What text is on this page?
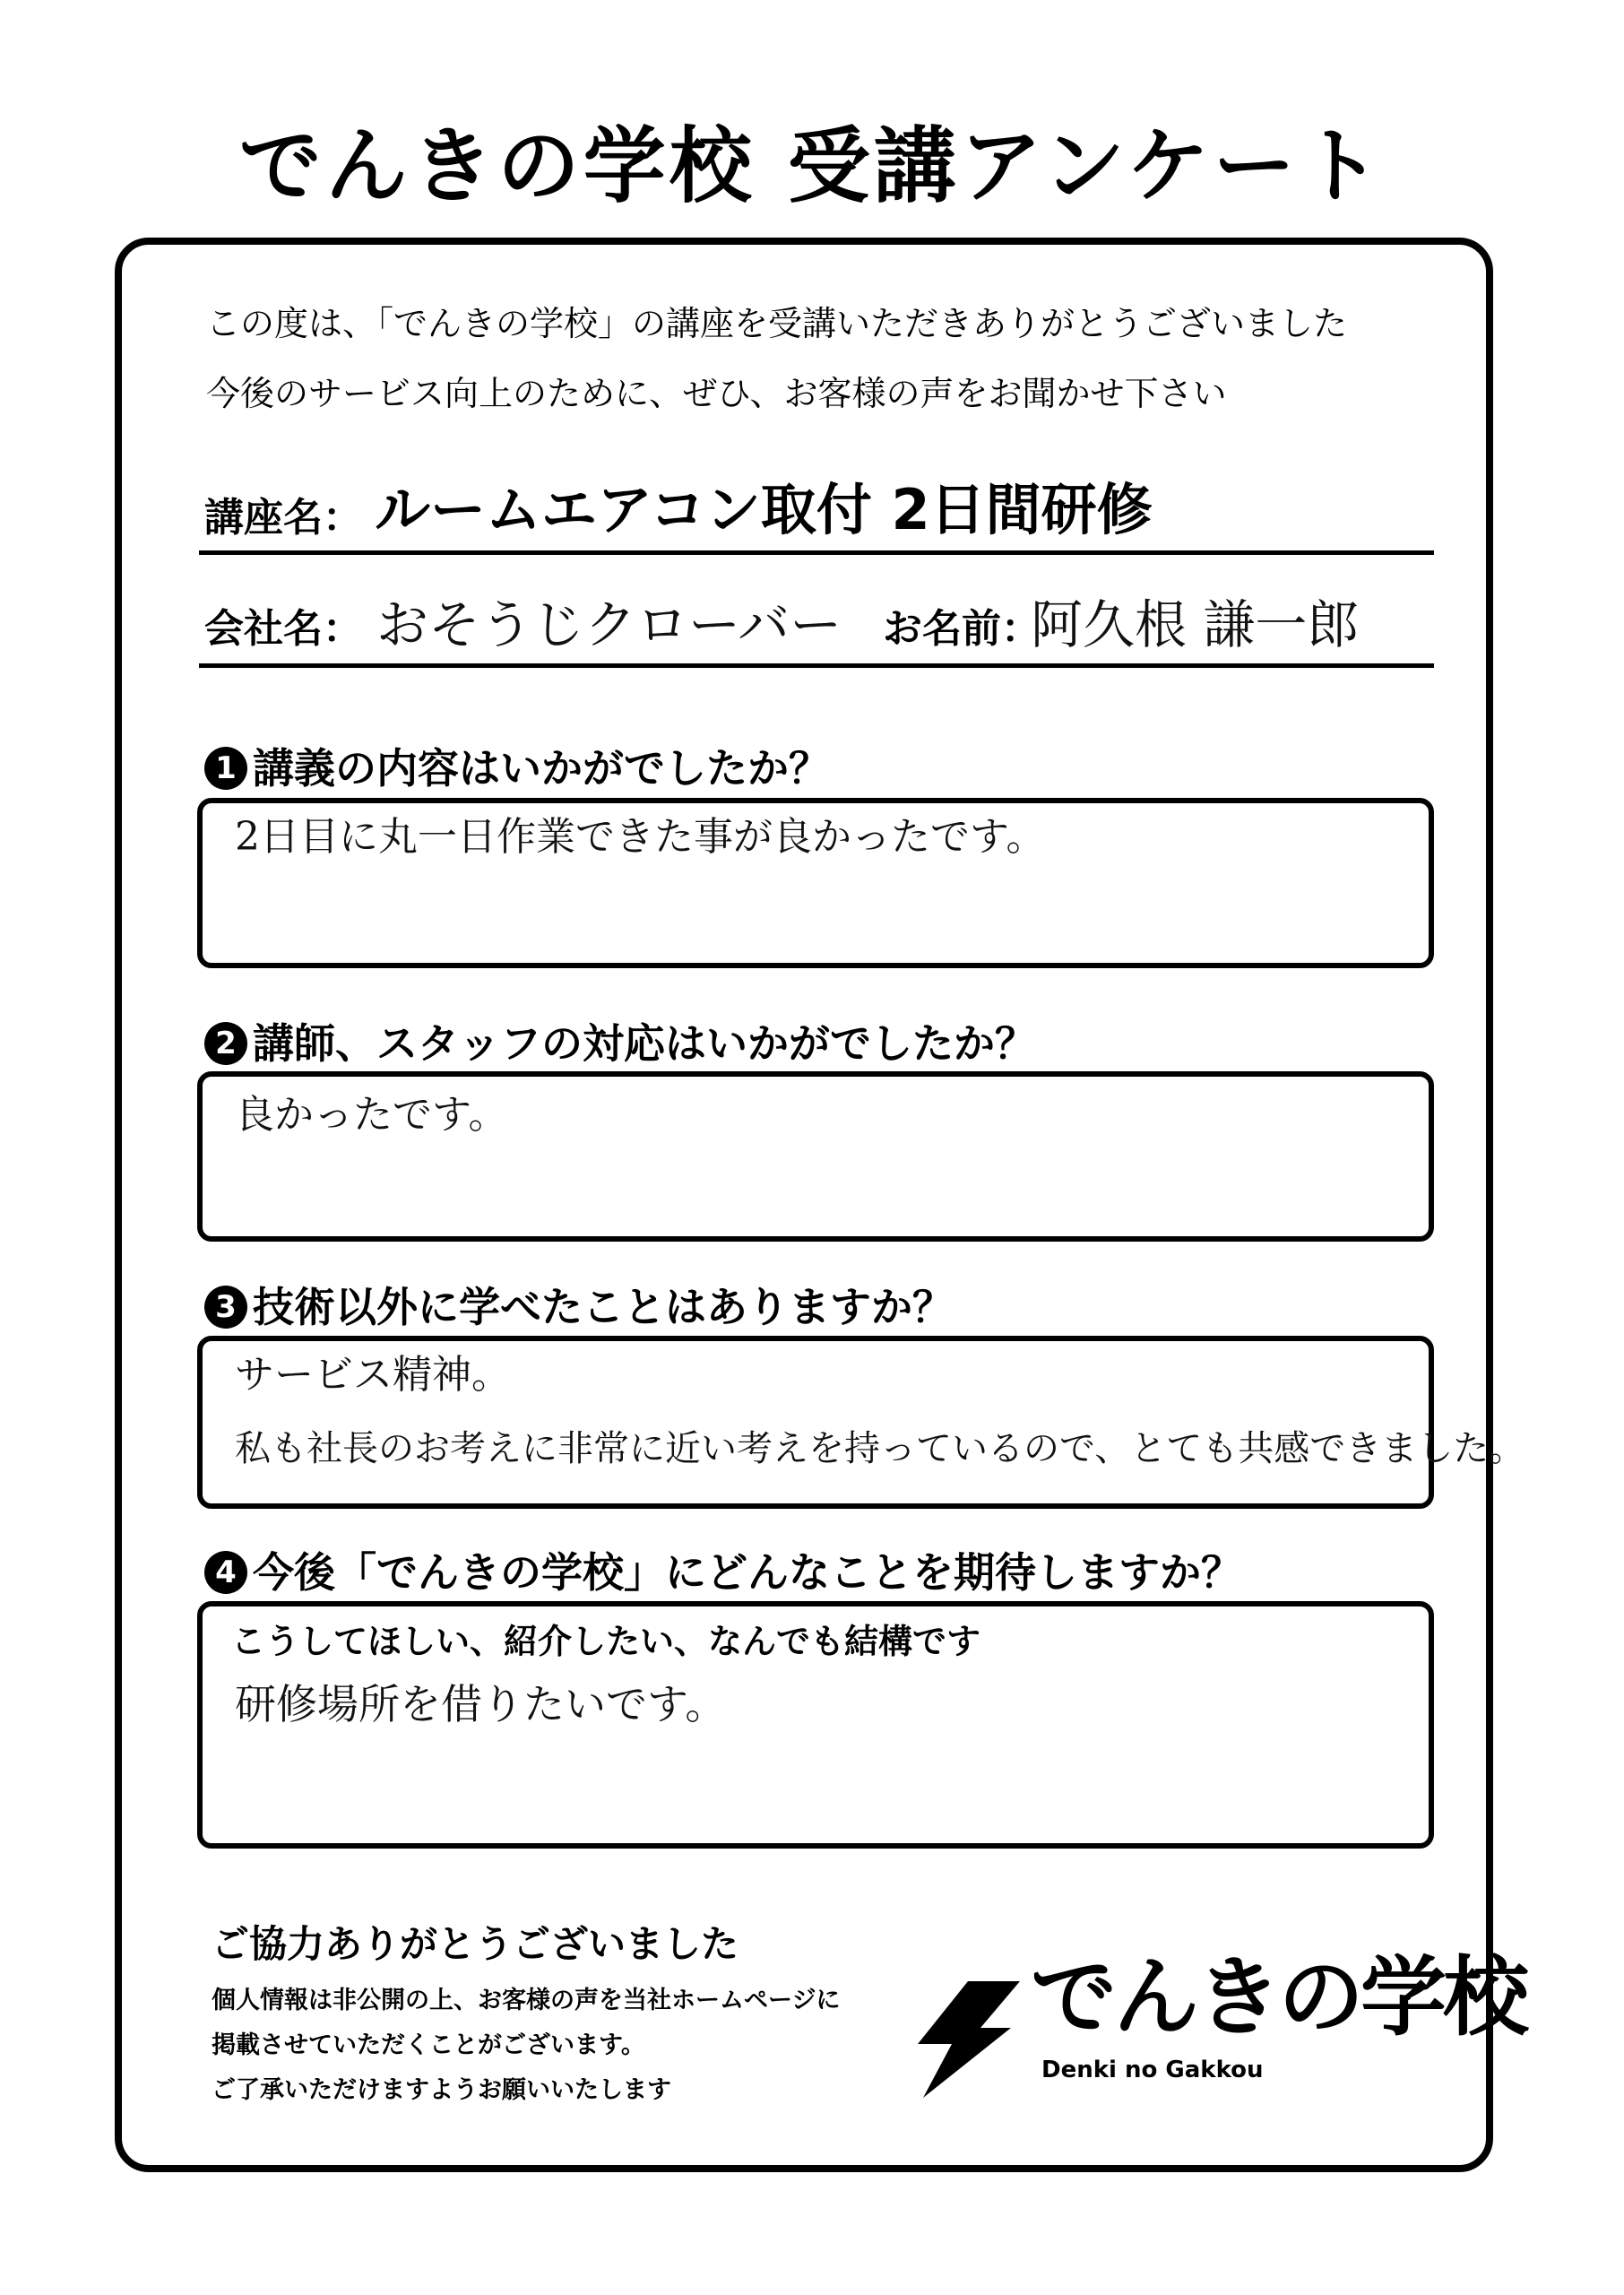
でんきの学校 受講アンケート
この度は、「でんきの学校」の講座を受講いただきありがとうございました
今後のサービス向上のために、ぜひ、お客様の声をお聞かせ下さい
講座名： ルームエアコン取付 2日間研修
会社名： おそうじクローバー お名前：
阿久根 謙一郎
1 講義の内容はいかがでしたか？
2日目に丸一日作業できた事が良かったです。
2 講師、スタッフの対応はいかがでしたか？
良かったです。
3 技術以外に学べたことはありますか？
サービス精神。
私も社長のお考えに非常に近い考えを持っているので、とても共感できました。
4 今後「でんきの学校」にどんなことを期待しますか？
こうしてほしい、紹介したい、なんでも結構です
研修場所を借りたいです。
ご協力ありがとうございました
個人情報は非公開の上、お客様の声を当社ホームページに
掲載させていただくことがございます。
ご了承いただけますようお願いいたします
でんきの学校
Denki no Gakkou
